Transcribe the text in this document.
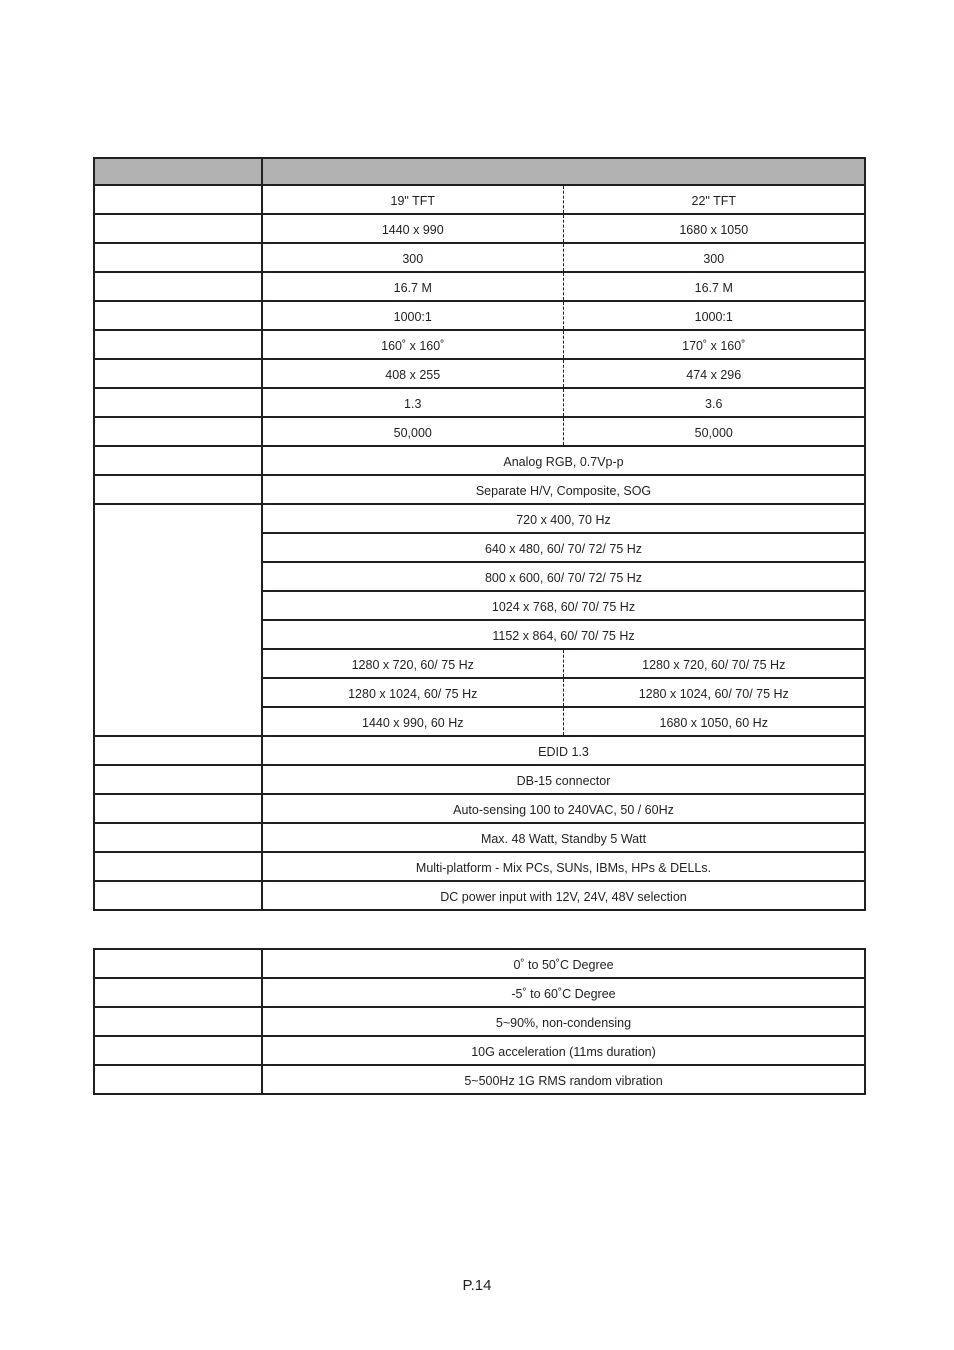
	19" TFT	22" TFT
	1440 x 990	1680 x 1050
	300	300
	16.7 M	16.7 M
	1000:1	1000:1
	160˚ x 160˚	170˚ x 160˚
	408 x 255	474 x 296
	1.3	3.6
	50,000	50,000
	Analog RGB, 0.7Vp-p	
	Separate H/V, Composite, SOG	
	720 x 400, 70 Hz	
	640 x 480, 60/ 70/ 72/ 75 Hz	
	800 x 600, 60/ 70/ 72/ 75 Hz	
	1024 x 768, 60/ 70/ 75 Hz	
	1152 x 864, 60/ 70/ 75 Hz	
	1280 x 720, 60/ 75 Hz	1280 x 720, 60/ 70/ 75 Hz
	1280 x 1024, 60/ 75 Hz	1280 x 1024, 60/ 70/ 75 Hz
	1440 x 990, 60 Hz	1680 x 1050, 60 Hz
	EDID 1.3	
	DB-15 connector	
	Auto-sensing 100 to 240VAC, 50 / 60Hz	
	Max. 48 Watt, Standby 5 Watt	
	Multi-platform - Mix PCs, SUNs, IBMs, HPs & DELLs.	
	DC power input with 12V, 24V, 48V selection
	0˚ to 50˚C Degree
	-5˚ to 60˚C Degree
	5~90%, non-condensing
	10G acceleration (11ms duration)
	5~500Hz 1G RMS random vibration
P.14
